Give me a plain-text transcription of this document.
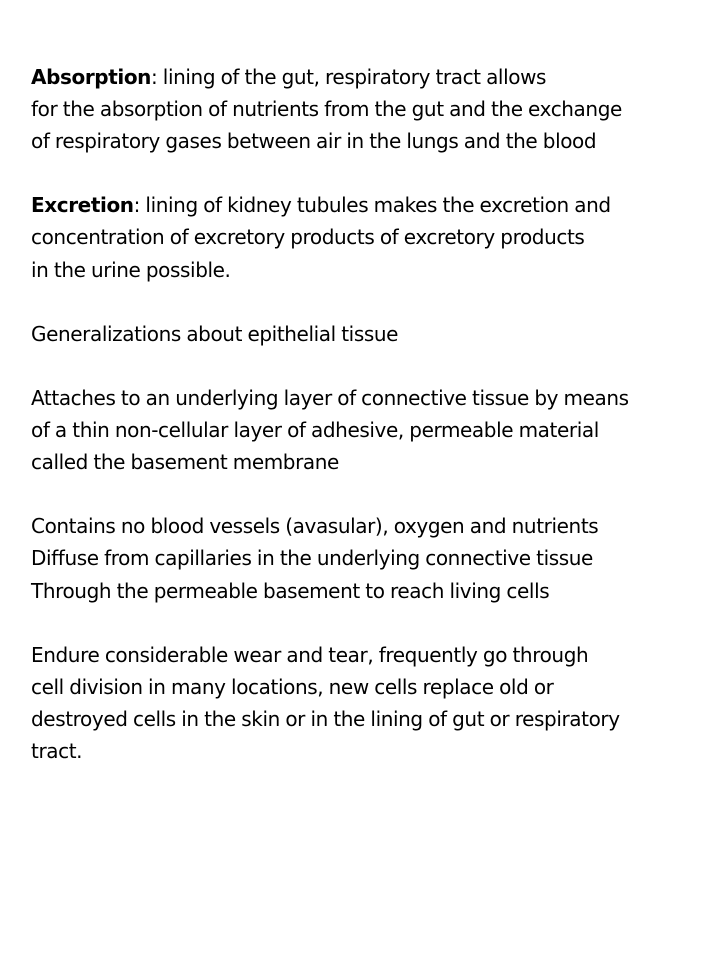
Absorption: lining of the gut, respiratory tract allows
for the absorption of nutrients from the gut and the exchange
of respiratory gases between air in the lungs and the blood

Excretion: lining of kidney tubules makes the excretion and
concentration of excretory products of excretory products
in the urine possible.

Generalizations about epithelial tissue

Attaches to an underlying layer of connective tissue by means
of a thin non-cellular layer of adhesive, permeable material
called the basement membrane

Contains no blood vessels (avasular), oxygen and nutrients
Diffuse from capillaries in the underlying connective tissue
Through the permeable basement to reach living cells

Endure considerable wear and tear, frequently go through
cell division in many locations, new cells replace old or
destroyed cells in the skin or in the lining of gut or respiratory
tract.
